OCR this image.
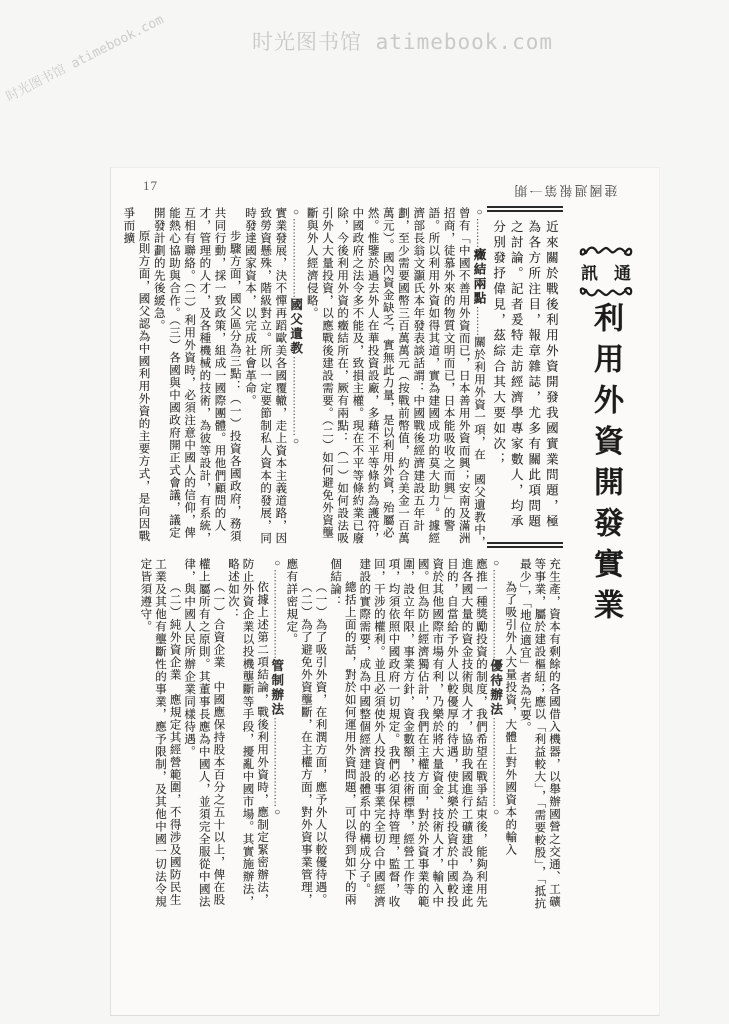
时光图书馆 atimebook.com
时光图书馆 atimebook.com
17	建國週報第一期
通
訊
利用外資開發實業
近來關於戰後利用外資開發我國實業問題，極為各方所注目，報章雜誌，尤多有關此項問題之討論。記者爰特走訪經濟學專家數人，均承分別發抒偉見，茲綜合其大要如次；
○………癥結兩點………關於利用外資一項，在　國父遺教中，曾有「中國不善用外資而已，日本善用外資而興；安南及滿洲招商，徒慕外來的物質文明而已，日本能吸收之而興」的警語。所以利用外資如得其道，實為建國成功的莫大助力。據經濟部長翁文灝氏本年發表談話謂：中國戰後經濟建設五年計劃，至少需要國幣三百萬萬元（按戰前幣值，約合美金一百萬萬元）。國內資金缺乏，實無此力量，是以利用外資，殆屬必然。惟鑒於過去外人在華投資設廠，多藉不平等條約為護符，中國政府之法令多不能及，致損主權。現在不平等條約業已廢除，今後利用外資的癥結所在，厥有兩點：（一）如何設法吸引外人大量投資，以應戰後建設需要。（二）如何避免外資壟斷與外人經濟侵略。
○……………………國父遺教……………………○
實業發展，決不憚再蹈歐美各國覆轍，走上資本主義道路，因致勞資懸殊，階級對立。所以一定要節制私人資本的發展，同時發達國家資本，以完成社會革命。
步驟方面，國父區分為三點：（一）投資各國政府，務須共同行動，採一致政策，組成一國際團體。用他們顧問的人才，管理的人才，及各種機械的技術，為彼等設計，有系統，互相有聯絡。（二）利用外資時，必須注意中國人的信仰，俾能熱心協助與合作。（三）各國與中國政府開正式會議，議定開發計劃的先後緩急。
原則方面，國父認為中國利用外資的主要方式，是向因戰爭而擴
充生產，資本有剩餘的各國借入機器，以舉辦國營之交通、工礦等事業，屬於建設樞紐；應以「利益較大」，「需要較殷」，「抵抗最少」，「地位適宜」者為先要。
為了吸引外人大量投資，大體上對外國資本的輸入
○………………………優待辦法………………………○
應推一種獎勵投資的制度，我們希望在戰爭結束後，能夠利用先進各國大量的資金技術與人才，協助我國進行工礦建設，為達此目的，自當給予外人以較優厚的待遇，使其樂於投資於中國較投資於其他國際市場有利，乃樂於將大量資金、技術人才，輸入中國。但為防止經濟獨佔計，我們在主權方面，對於外資事業的範圍，設立年限，事業方針，資金數額，技術標準，經營工作等項，均須依照中國政府一切規定。我們必須保持管理，監督，收回，干涉的權利。並且必須使外人投資的事業完全切合中國經濟建設的實際需要，成為中國整個經濟建設體系中的構成分子。
總括上面的話，對於如何運用外資問題，可以得到如下的兩個結論：
（一）為了吸引外資，在利潤方面，應予外人以較優待遇。
（二）為了避免外資壟斷，在主權方面，對外資事業管理，應有詳密規定。
○………………………管制辦法………………………○
依據上述第二項結論，戰後利用外資時，應制定緊密辦法，防止外資企業以投機壟斷等手段，擾亂中國市場。其實施辦法，略述如次：
（一）合資企業　中國應保持股本百分之五十以上，俾在股權上屬所有之原則。其董事長應為中國人，並須完全服從中國法律，與中國人民所辦企業同樣待遇。
（二）純外資企業　應規定其經營範圍，不得涉及國防民生工業及其他有壟斷性的事業，應予限制，及其他中國一切法令規定皆須遵守。
